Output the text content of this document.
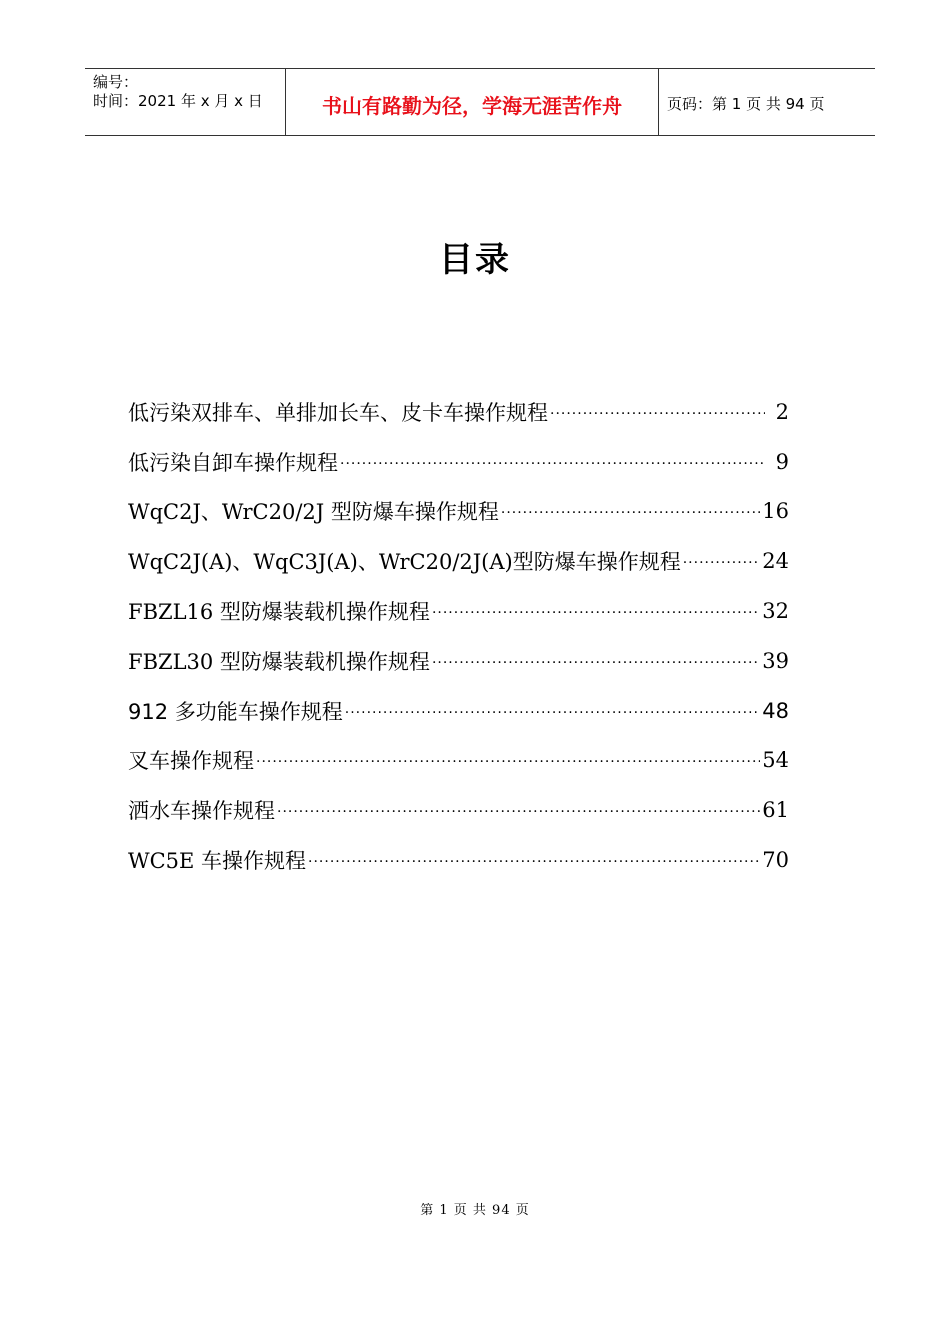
编号：
时间：2021 年 x 月 x 日	书山有路勤为径，学海无涯苦作舟	页码：第 1 页 共 94 页
目录
低污染双排车、单排加长车、皮卡车操作规程 ·····	2
低污染自卸车操作规程 ·····	9
WqC2J、WrC20/2J 型防爆车操作规程 ·····	16
WqC2J(A)、WqC3J(A)、WrC20/2J(A)型防爆车操作规程 ·····	24
FBZL16 型防爆装载机操作规程 ·····	32
FBZL30 型防爆装载机操作规程 ·····	39
912 多功能车操作规程 ·····	48
叉车操作规程 ·····	54
洒水车操作规程 ·····	61
WC5E 车操作规程 ·····	70
第 1 页 共 94 页
